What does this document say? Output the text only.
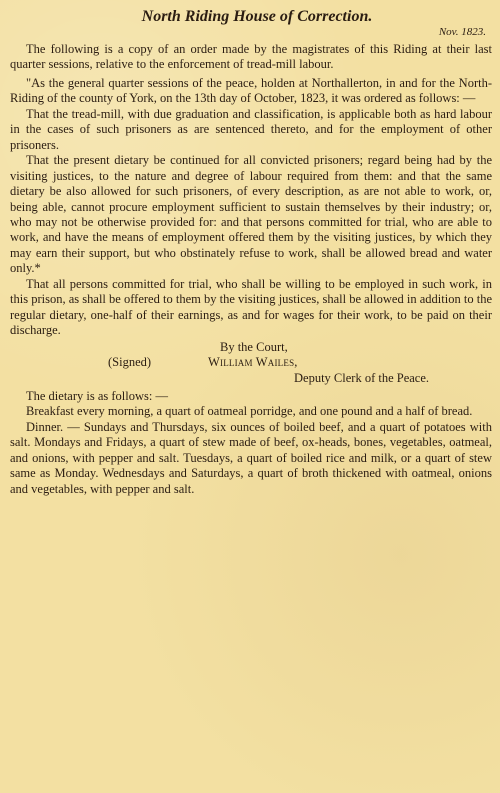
North Riding House of Correction.
Nov. 1823.

The following is a copy of an order made by the magistrates of this Riding at their last quarter sessions, relative to the enforcement of tread-mill labour.

"As the general quarter sessions of the peace, holden at Northallerton, in and for the North-Riding of the county of York, on the 13th day of October, 1823, it was ordered as follows: —

That the tread-mill, with due graduation and classification, is applicable both as hard labour in the cases of such prisoners as are sentenced thereto, and for the employment of other prisoners.

That the present dietary be continued for all convicted prisoners; regard being had by the visiting justices, to the nature and degree of labour required from them: and that the same dietary be also allowed for such prisoners, of every description, as are not able to work, or, being able, cannot procure employment sufficient to sustain themselves by their industry; or, who may not be otherwise provided for: and that persons committed for trial, who are able to work, and have the means of employment offered them by the visiting justices, by which they may earn their support, but who obstinately refuse to work, shall be allowed bread and water only.*

That all persons committed for trial, who shall be willing to be employed in such work, in this prison, as shall be offered to them by the visiting justices, shall be allowed in addition to the regular dietary, one-half of their earnings, as and for wages for their work, to be paid on their discharge.

By the Court,
(Signed)	William Wailes,
Deputy Clerk of the Peace.

The dietary is as follows: —

Breakfast every morning, a quart of oatmeal porridge, and one pound and a half of bread.

Dinner. — Sundays and Thursdays, six ounces of boiled beef, and a quart of potatoes with salt. Mondays and Fridays, a quart of stew made of beef, ox-heads, bones, vegetables, oatmeal, and onions, with pepper and salt. Tuesdays, a quart of boiled rice and milk, or a quart of stew same as Monday. Wednesdays and Saturdays, a quart of broth thickened with oatmeal, onions and vegetables, with pepper and salt.
